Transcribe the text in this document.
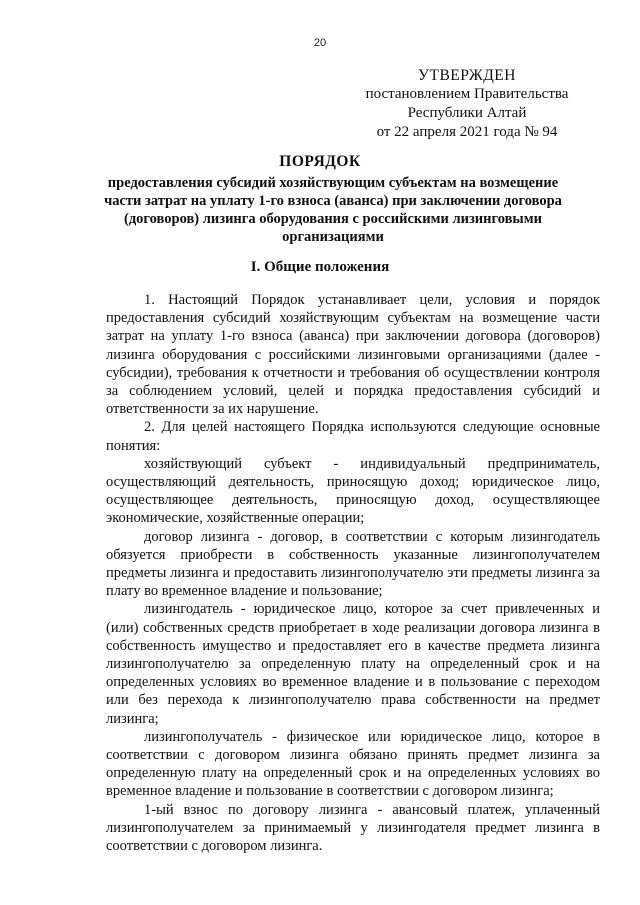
20
УТВЕРЖДЕН
постановлением Правительства
Республики Алтай
от 22 апреля 2021 года № 94
ПОРЯДОК
предоставления субсидий хозяйствующим субъектам на возмещение части затрат на уплату 1-го взноса (аванса) при заключении договора (договоров) лизинга оборудования с российскими лизинговыми организациями
I. Общие положения

1. Настоящий Порядок устанавливает цели, условия и порядок предоставления субсидий хозяйствующим субъектам на возмещение части затрат на уплату 1-го взноса (аванса) при заключении договора (договоров) лизинга оборудования с российскими лизинговыми организациями (далее - субсидии), требования к отчетности и требования об осуществлении контроля за соблюдением условий, целей и порядка предоставления субсидий и ответственности за их нарушение.

2. Для целей настоящего Порядка используются следующие основные понятия:

хозяйствующий субъект - индивидуальный предприниматель, осуществляющий деятельность, приносящую доход; юридическое лицо, осуществляющее деятельность, приносящую доход, осуществляющее экономические, хозяйственные операции;

договор лизинга - договор, в соответствии с которым лизингодатель обязуется приобрести в собственность указанные лизингополучателем предметы лизинга и предоставить лизингополучателю эти предметы лизинга за плату во временное владение и пользование;

лизингодатель - юридическое лицо, которое за счет привлеченных и (или) собственных средств приобретает в ходе реализации договора лизинга в собственность имущество и предоставляет его в качестве предмета лизинга лизингополучателю за определенную плату на определенный срок и на определенных условиях во временное владение и в пользование с переходом или без перехода к лизингополучателю права собственности на предмет лизинга;

лизингополучатель - физическое или юридическое лицо, которое в соответствии с договором лизинга обязано принять предмет лизинга за определенную плату на определенный срок и на определенных условиях во временное владение и пользование в соответствии с договором лизинга;

1-ый взнос по договору лизинга - авансовый платеж, уплаченный лизингополучателем за принимаемый у лизингодателя предмет лизинга в соответствии с договором лизинга.
